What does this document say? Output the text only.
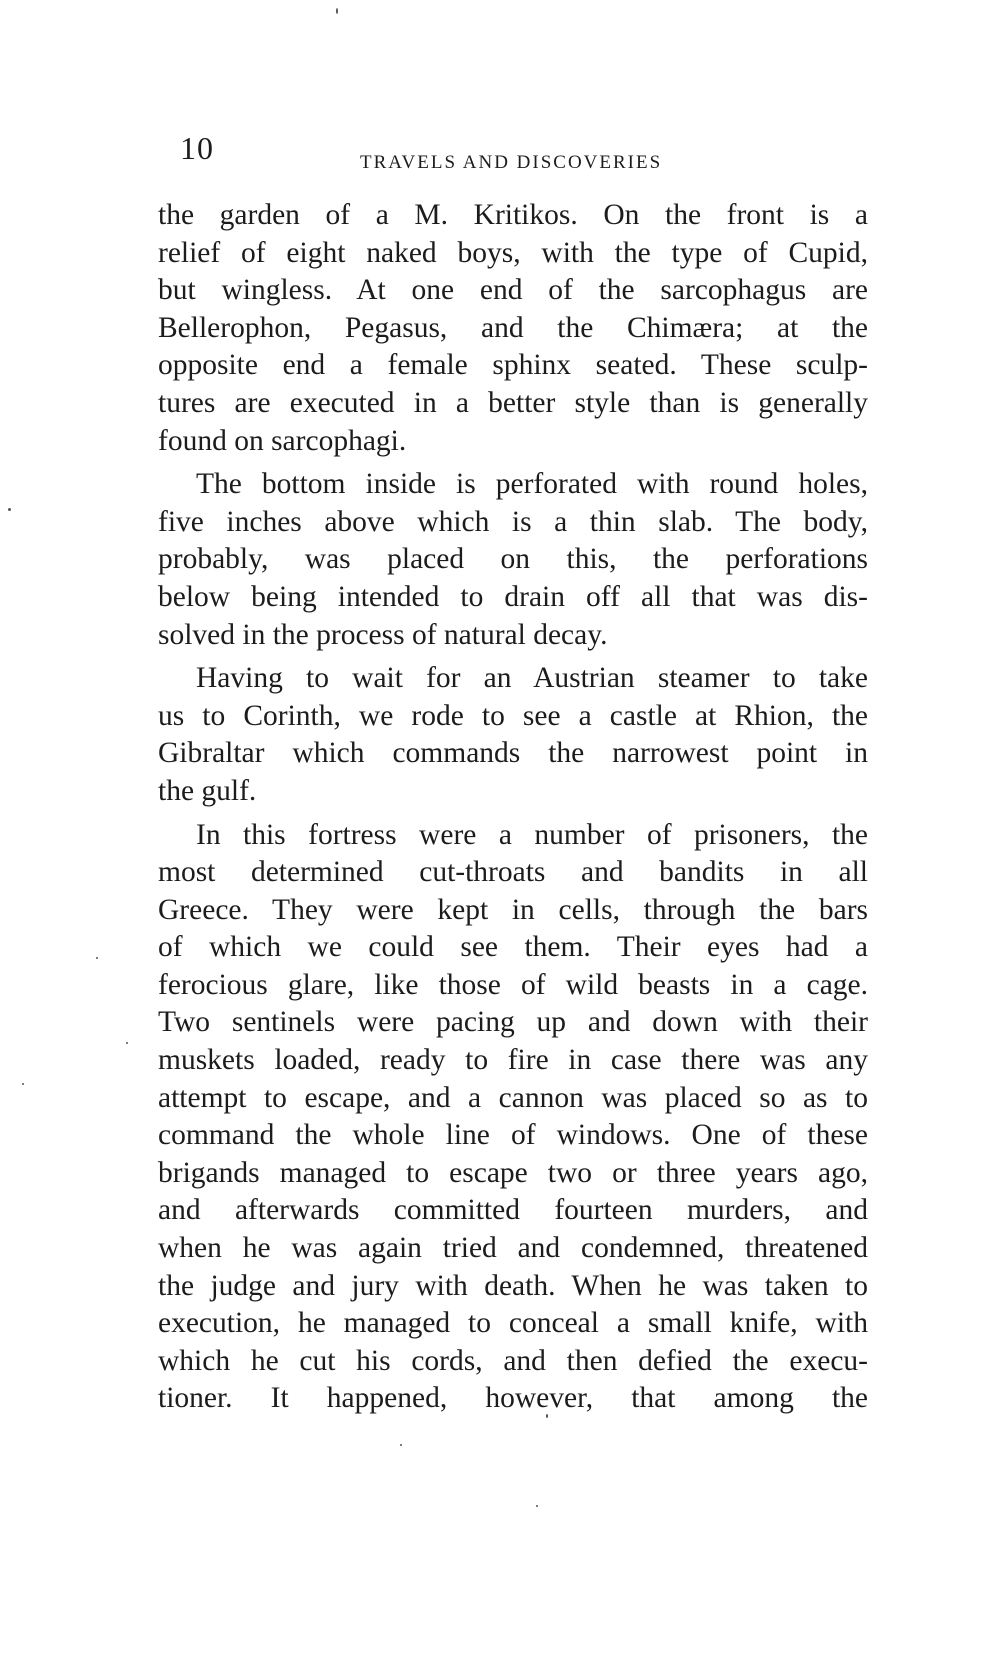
10	TRAVELS AND DISCOVERIES
the garden of a M. Kritikos. On the front is a
relief of eight naked boys, with the type of Cupid,
but wingless. At one end of the sarcophagus are
Bellerophon, Pegasus, and the Chimæra; at the
opposite end a female sphinx seated. These sculp-
tures are executed in a better style than is generally
found on sarcophagi.
The bottom inside is perforated with round holes,
five inches above which is a thin slab. The body,
probably, was placed on this, the perforations
below being intended to drain off all that was dis-
solved in the process of natural decay.
Having to wait for an Austrian steamer to take
us to Corinth, we rode to see a castle at Rhion, the
Gibraltar which commands the narrowest point in
the gulf.
In this fortress were a number of prisoners, the
most determined cut-throats and bandits in all
Greece. They were kept in cells, through the bars
of which we could see them. Their eyes had a
ferocious glare, like those of wild beasts in a cage.
Two sentinels were pacing up and down with their
muskets loaded, ready to fire in case there was any
attempt to escape, and a cannon was placed so as to
command the whole line of windows. One of these
brigands managed to escape two or three years ago,
and afterwards committed fourteen murders, and
when he was again tried and condemned, threatened
the judge and jury with death. When he was taken to
execution, he managed to conceal a small knife, with
which he cut his cords, and then defied the execu-
tioner. It happened, however, that among the
